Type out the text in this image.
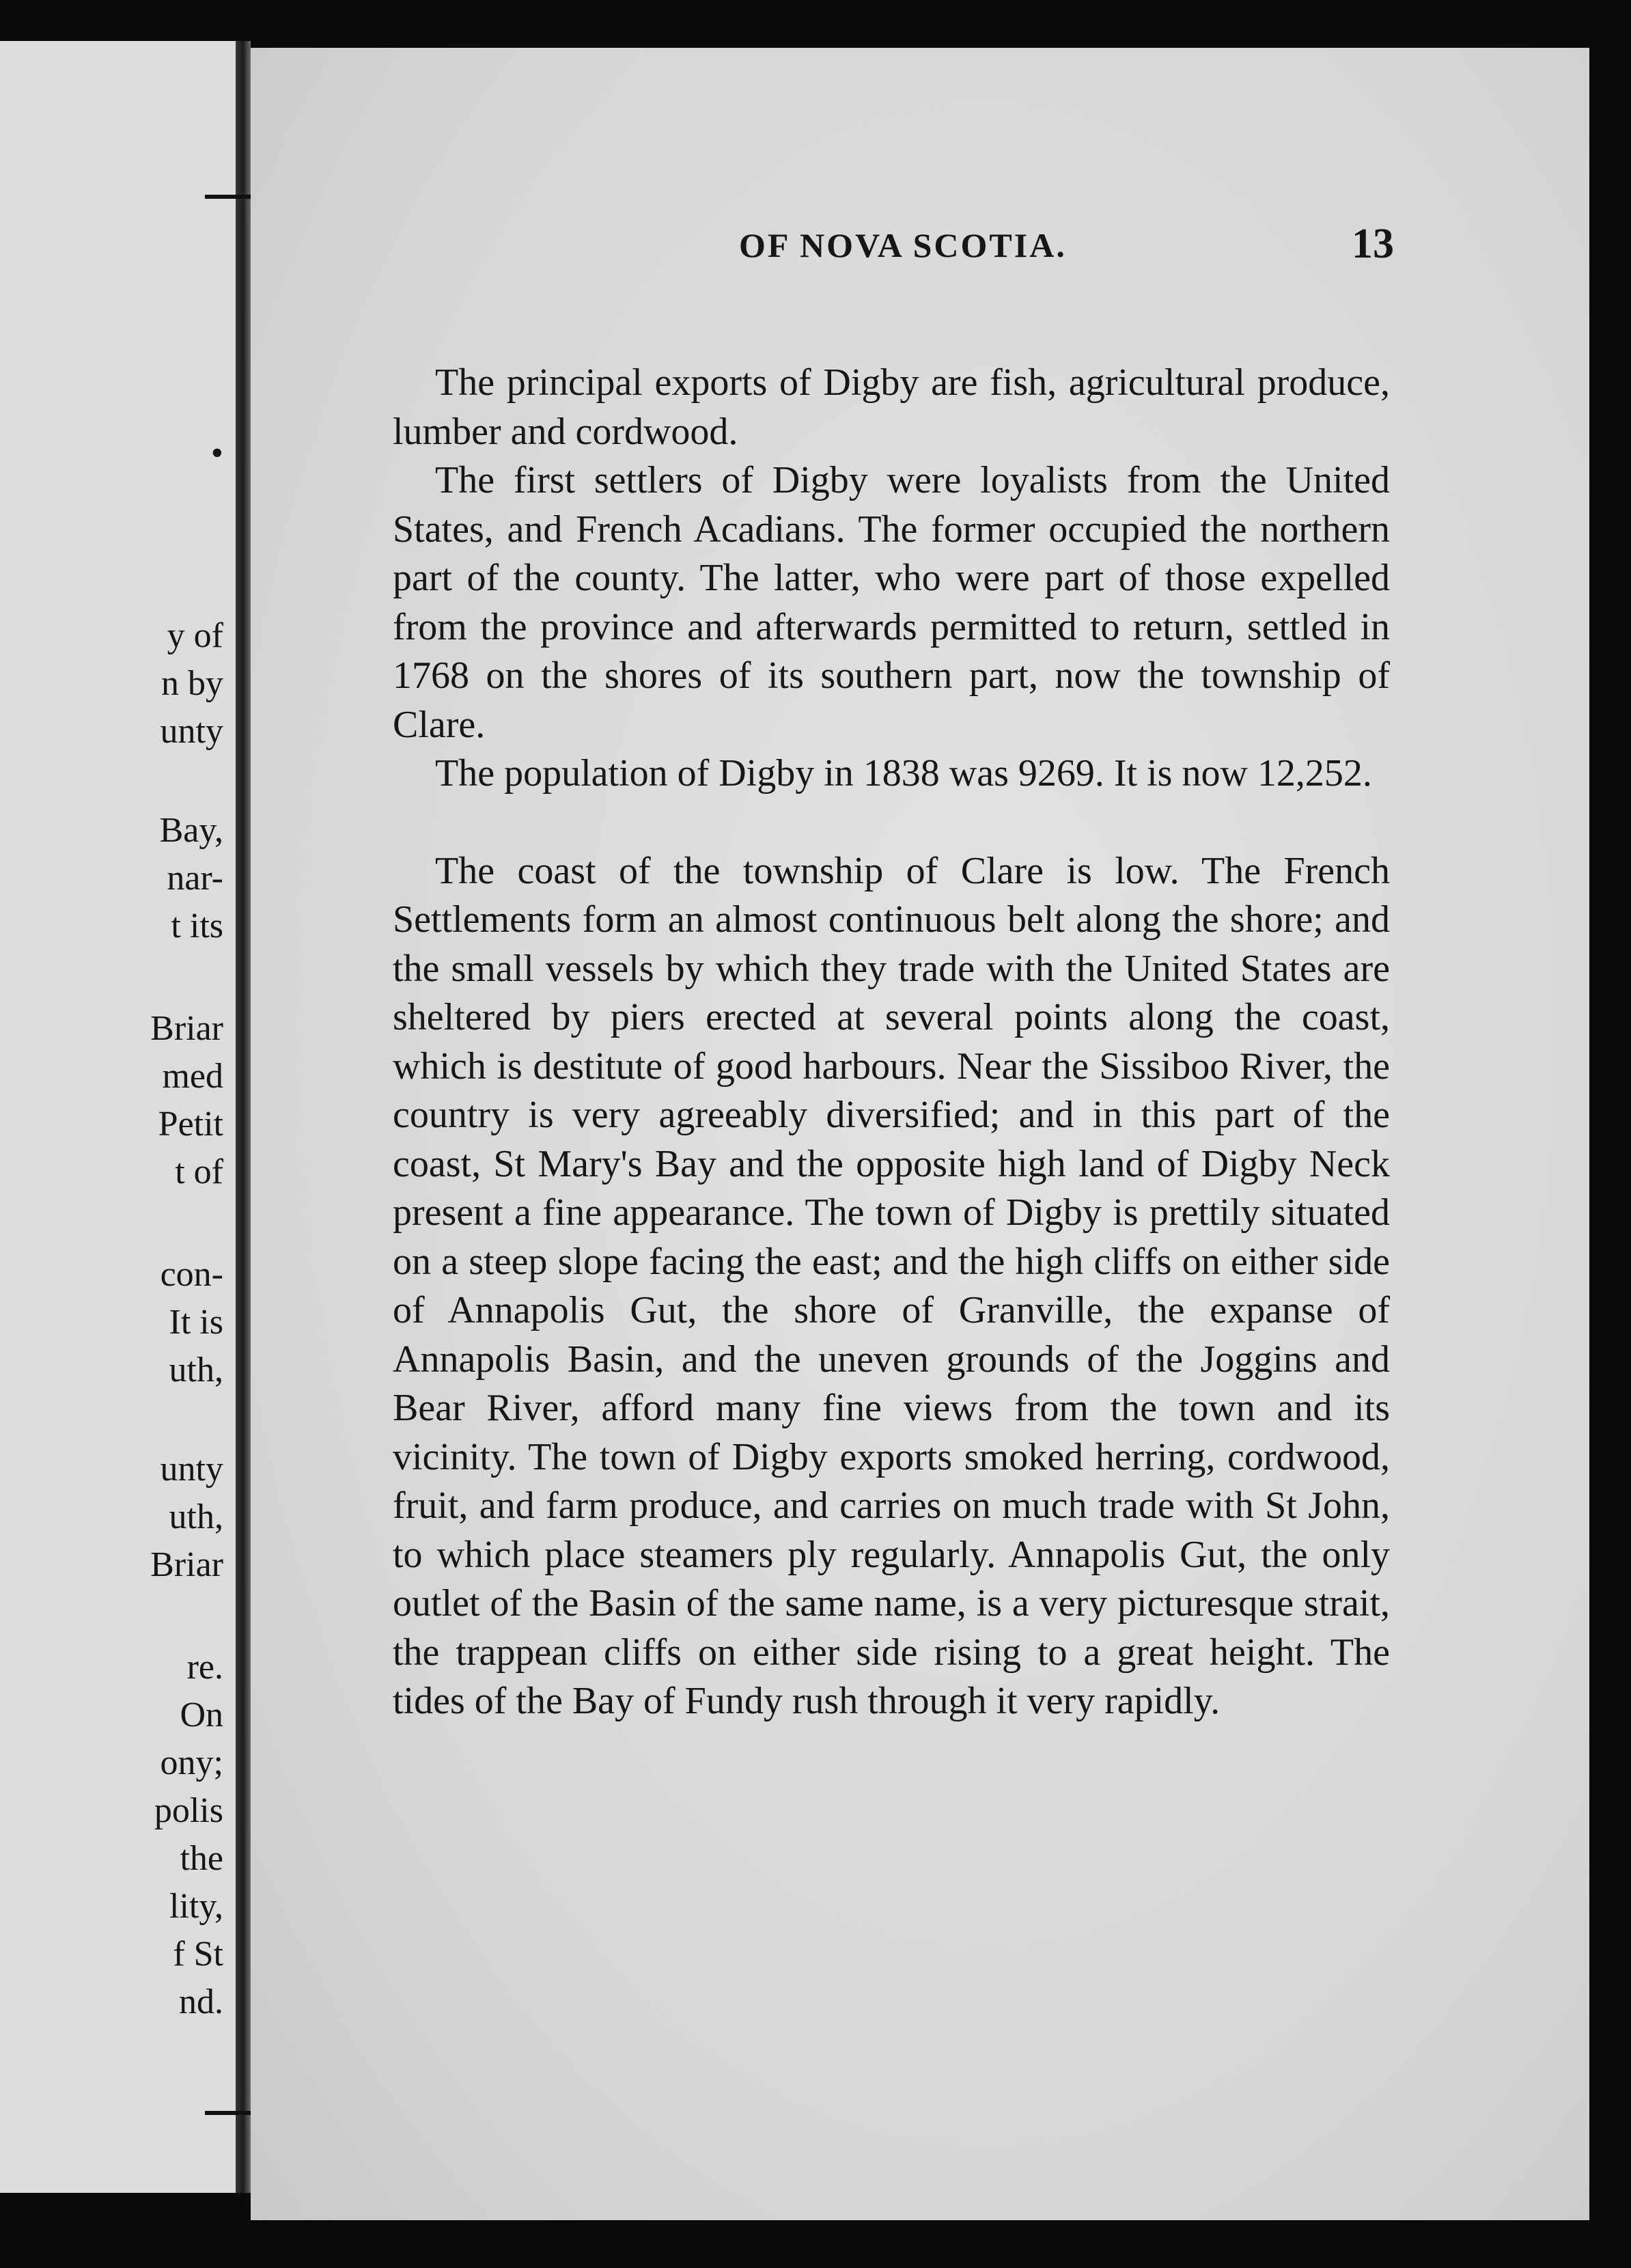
•
y of
n by
unty
Bay,
nar-
t its
Briar
med
Petit
t of
con-
It is
uth,
unty
uth,
Briar
re.
On
ony;
polis
the
lity,
f St
nd.
OF NOVA SCOTIA.	13

The principal exports of Digby are fish, agricultural produce, lumber and cordwood.

The first settlers of Digby were loyalists from the United States, and French Acadians. The former occupied the northern part of the county. The latter, who were part of those expelled from the province and afterwards permitted to return, settled in 1768 on the shores of its southern part, now the township of Clare.

The population of Digby in 1838 was 9269. It is now 12,252.

The coast of the township of Clare is low. The French Settlements form an almost continuous belt along the shore; and the small vessels by which they trade with the United States are sheltered by piers erected at several points along the coast, which is destitute of good harbours. Near the Sissiboo River, the country is very agreeably diversified; and in this part of the coast, St Mary's Bay and the opposite high land of Digby Neck present a fine appearance. The town of Digby is prettily situated on a steep slope facing the east; and the high cliffs on either side of Annapolis Gut, the shore of Granville, the expanse of Annapolis Basin, and the uneven grounds of the Joggins and Bear River, afford many fine views from the town and its vicinity. The town of Digby exports smoked herring, cordwood, fruit, and farm produce, and carries on much trade with St John, to which place steamers ply regularly. Annapolis Gut, the only outlet of the Basin of the same name, is a very picturesque strait, the trappean cliffs on either side rising to a great height. The tides of the Bay of Fundy rush through it very rapidly.
